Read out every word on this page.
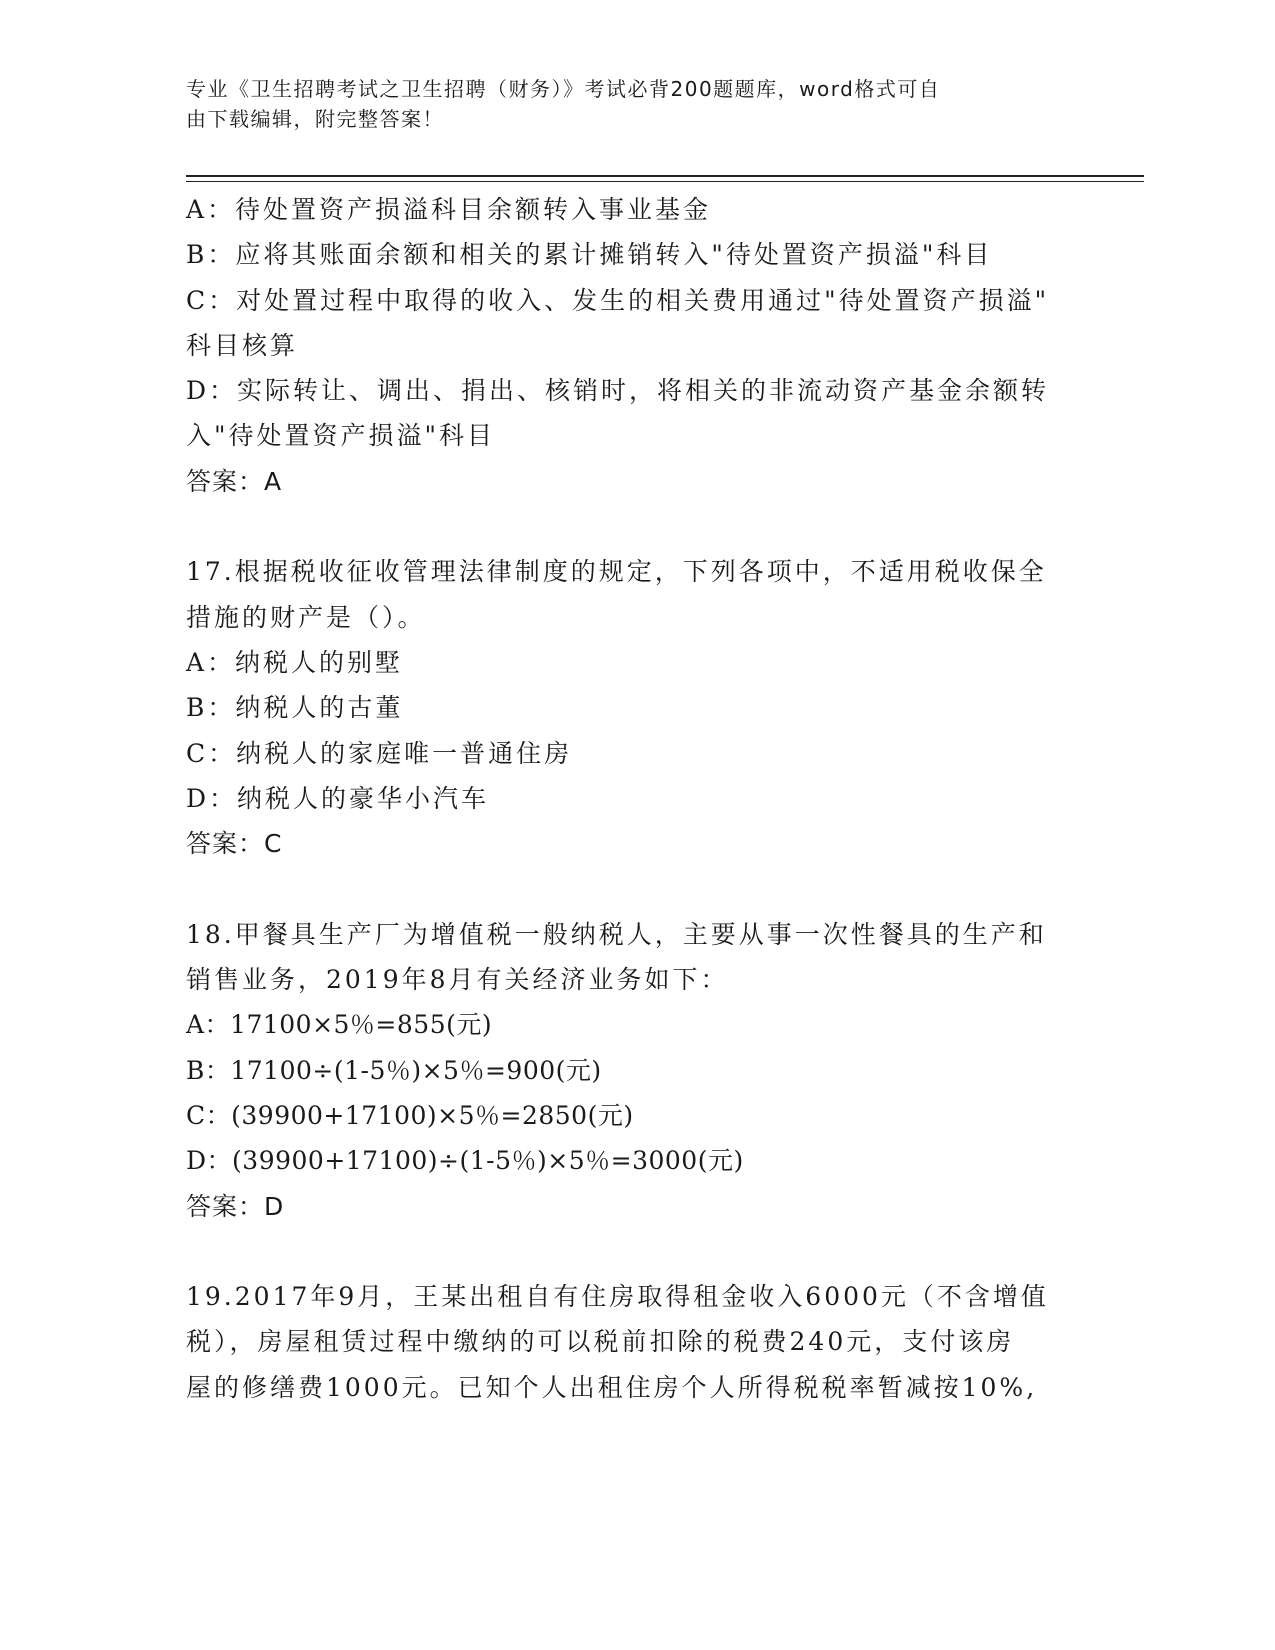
专业《卫生招聘考试之卫生招聘（财务）》考试必背200题题库，word格式可自
由下载编辑，附完整答案！
A：待处置资产损溢科目余额转入事业基金
B：应将其账面余额和相关的累计摊销转入"待处置资产损溢"科目
C：对处置过程中取得的收入、发生的相关费用通过"待处置资产损溢"
科目核算
D：实际转让、调出、捐出、核销时，将相关的非流动资产基金余额转
入"待处置资产损溢"科目
答案：A
17.根据税收征收管理法律制度的规定，下列各项中，不适用税收保全
措施的财产是（）。
A：纳税人的别墅
B：纳税人的古董
C：纳税人的家庭唯一普通住房
D：纳税人的豪华小汽车
答案：C
18.甲餐具生产厂为增值税一般纳税人，主要从事一次性餐具的生产和
销售业务，2019年8月有关经济业务如下：
A：17100×5％=855(元)
B：17100÷(1-5％)×5％=900(元)
C：(39900+17100)×5％=2850(元)
D：(39900+17100)÷(1-5％)×5％=3000(元)
答案：D
19.2017年9月，王某出租自有住房取得租金收入6000元（不含增值
税），房屋租赁过程中缴纳的可以税前扣除的税费240元，支付该房
屋的修缮费1000元。已知个人出租住房个人所得税税率暂减按10%,
